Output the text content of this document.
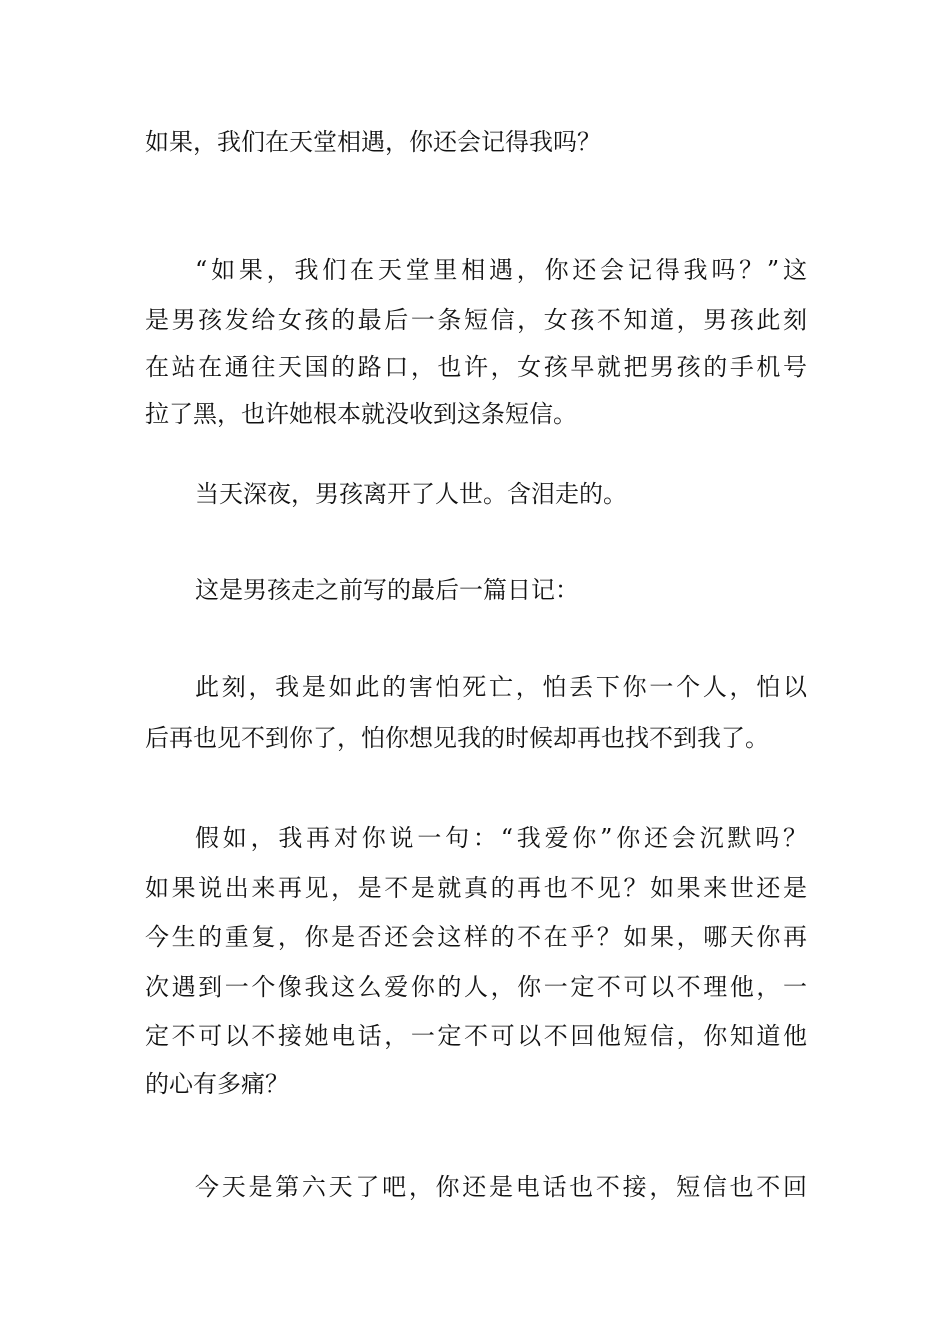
如果，我们在天堂相遇，你还会记得我吗？
“如果，我们在天堂里相遇，你还会记得我吗？”这
是男孩发给女孩的最后一条短信，女孩不知道，男孩此刻
在站在通往天国的路口，也许，女孩早就把男孩的手机号
拉了黑，也许她根本就没收到这条短信。
当天深夜，男孩离开了人世。含泪走的。
这是男孩走之前写的最后一篇日记：
此刻，我是如此的害怕死亡，怕丢下你一个人，怕以
后再也见不到你了，怕你想见我的时候却再也找不到我了。
假如，我再对你说一句：“我爱你”你还会沉默吗？
如果说出来再见，是不是就真的再也不见？如果来世还是
今生的重复，你是否还会这样的不在乎？如果，哪天你再
次遇到一个像我这么爱你的人，你一定不可以不理他，一
定不可以不接她电话，一定不可以不回他短信，你知道他
的心有多痛？
今天是第六天了吧，你还是电话也不接，短信也不回
